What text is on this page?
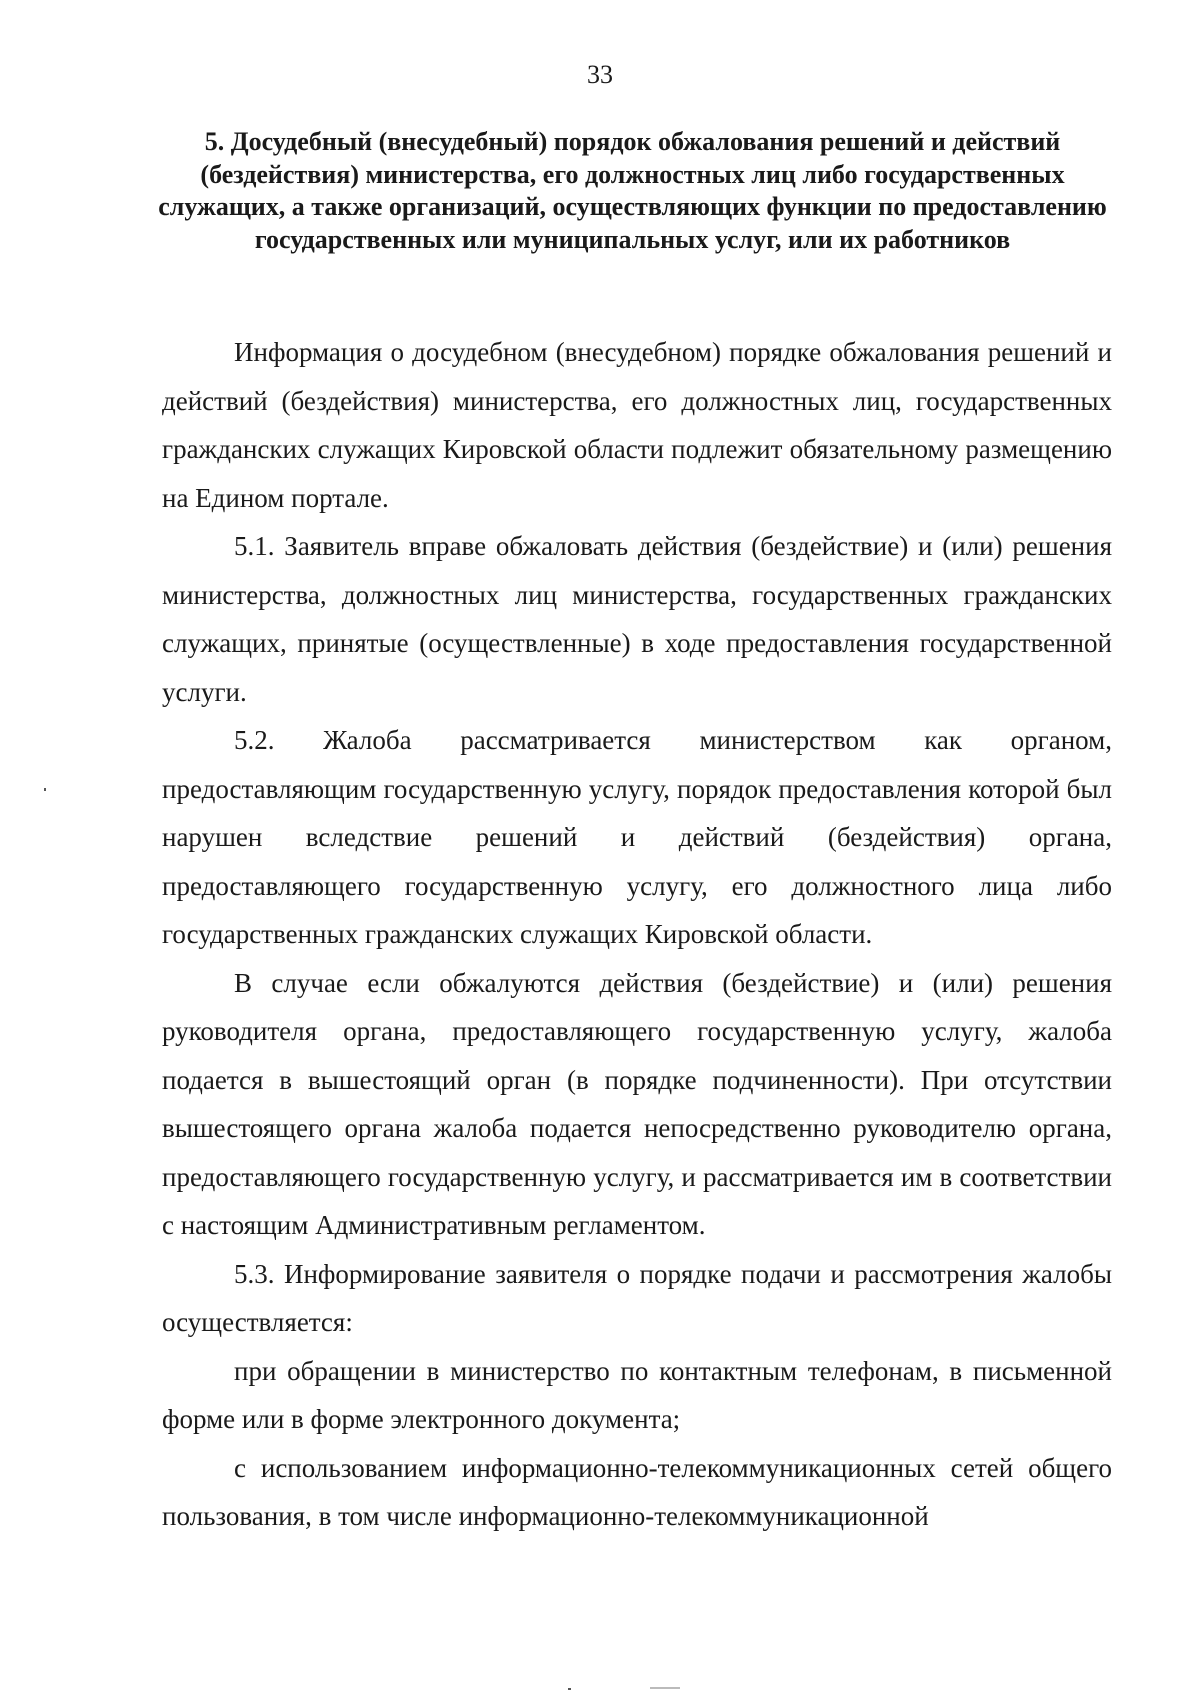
33
5. Досудебный (внесудебный) порядок обжалования решений и действий (бездействия) министерства, его должностных лиц либо государственных служащих, а также организаций, осуществляющих функции по предоставлению государственных или муниципальных услуг, или их работников

Информация о досудебном (внесудебном) порядке обжалования решений и действий (бездействия) министерства, его должностных лиц, государственных гражданских служащих Кировской области подлежит обязательному размещению на Едином портале.

5.1. Заявитель вправе обжаловать действия (бездействие) и (или) решения министерства, должностных лиц министерства, государственных гражданских служащих, принятые (осуществленные) в ходе предоставления государственной услуги.

5.2. Жалоба рассматривается министерством как органом, предоставляющим государственную услугу, порядок предоставления которой был нарушен вследствие решений и действий (бездействия) органа, предоставляющего государственную услугу, его должностного лица либо государственных гражданских служащих Кировской области.

В случае если обжалуются действия (бездействие) и (или) решения руководителя органа, предоставляющего государственную услугу, жалоба подается в вышестоящий орган (в порядке подчиненности). При отсутствии вышестоящего органа жалоба подается непосредственно руководителю органа, предоставляющего государственную услугу, и рассматривается им в соответствии с настоящим Административным регламентом.

5.3. Информирование заявителя о порядке подачи и рассмотрения жалобы осуществляется:

при обращении в министерство по контактным телефонам, в письменной форме или в форме электронного документа;

с использованием информационно-телекоммуникационных сетей общего пользования, в том числе информационно-телекоммуникационной
